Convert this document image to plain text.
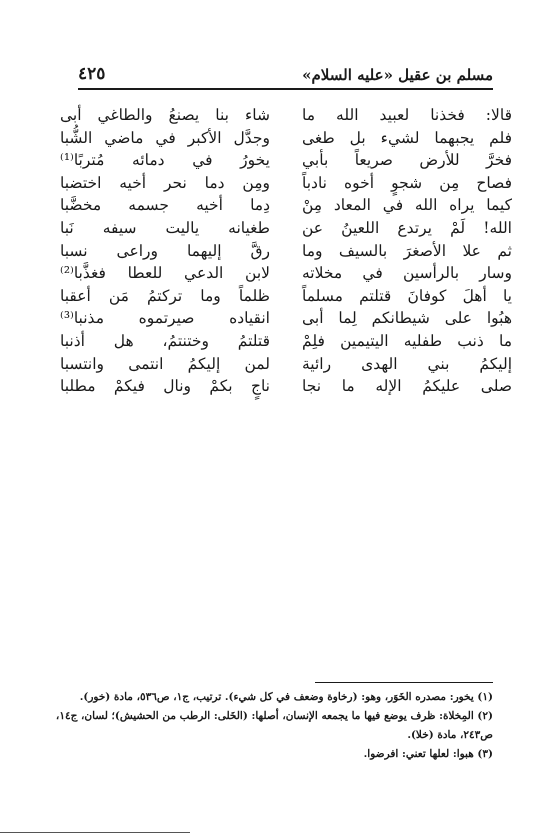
مسلم بن عقيل «عليه السلام»
٤٢٥
قالا: فخذنا لعبيد الله ما
فلم يجبهما لشيء بل طغى
فخرَّ للأرض صريعاً بأبي
فصاح مِن شجوٍ أخوه نادباً
كيما يراه الله في المعاد مِنْ
الله! لَمْ يرتدع اللعينُ عن
ثم علا الأصغرَ بالسيف وما
وسار بالرأسين في مخلاته
يا أهلَ كوفانَ قتلتم مسلماً
هبُوا على شيطانكم لِما أبى
ما ذنب طفليه اليتيمين فلِمْ
إليكمُ بني الهدى رائية
صلى عليكمُ الإله ما نجا
شاء بنا يصنعُ والطاغي أبى
وجدَّل الأكبر في ماضي الشُّبا
يخورُ في دمائه مُتربًا⁽¹⁾
ومِن دما نحر أخيه اختضبا
دِما أخيه جسمه مخضَّبا
طغيانه ياليت سيفه نَبا
رقَّ إليهما وراعى نسبا
لابن الدعي للعطا فغذَّبا⁽²⁾
ظلماً وما تركتمُ مَن أعقبا
انقياده صيرتموه مذنبا⁽³⁾
قتلتمُ وختنتمُ، هل أذنبا
لمن إليكمُ انتمى وانتسبا
ناجٍ بكمْ ونال فيكمْ مطلبا
(١) يخور: مصدره الخَوَر، وهو: (رخاوة وضعف في كل شيء). ترتيب، ج١، ص٥٣٦، مادة (خور).
(٢) المِخلاة: ظرف يوضع فيها ما يجمعه الإنسان، أصلها: (الخَلى: الرطب من الحشيش)؛ لسان، ج١٤،
ص٢٤٣، مادة (خلا).
(٣) هبوا: لعلها تعني: افرضوا.
